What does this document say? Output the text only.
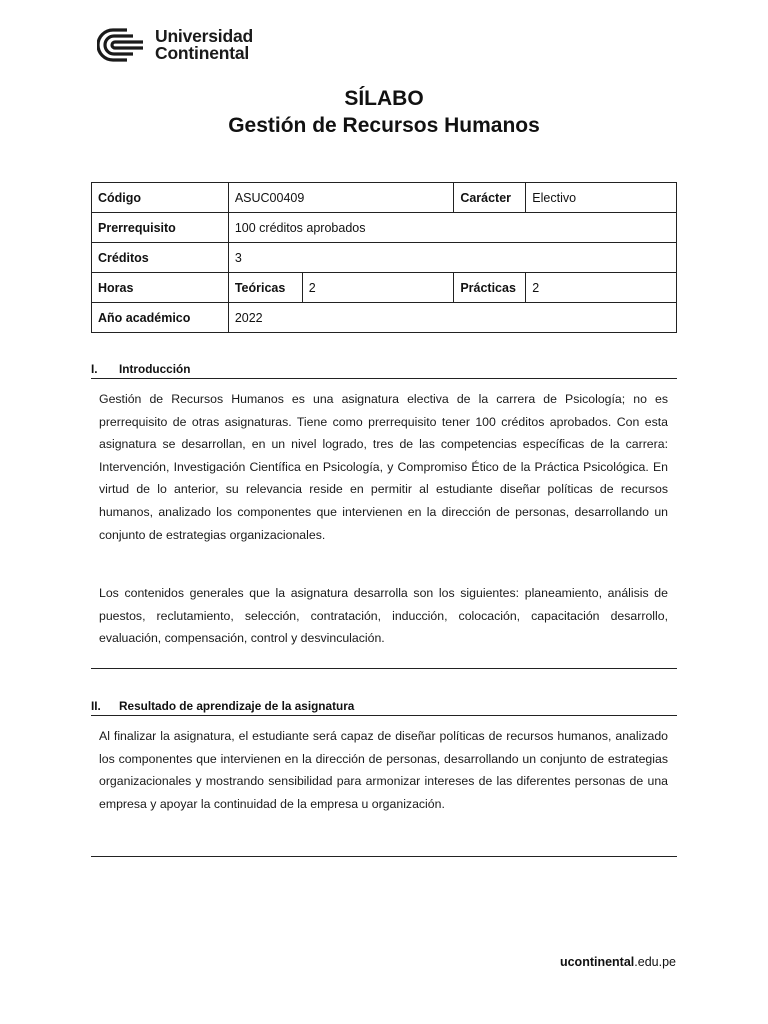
Universidad
Continental
SÍLABO
Gestión de Recursos Humanos
Código	ASUC00409		Carácter	Electivo
Prerrequisito	100 créditos aprobados			
Créditos	3			
Horas	Teóricas	2	Prácticas	2
Año académico	2022			
I. Introducción
Gestión de Recursos Humanos es una asignatura electiva de la carrera de Psicología; no es prerrequisito de otras asignaturas. Tiene como prerrequisito tener 100 créditos aprobados. Con esta asignatura se desarrollan, en un nivel logrado, tres de las competencias específicas de la carrera: Intervención, Investigación Científica en Psicología, y Compromiso Ético de la Práctica Psicológica. En virtud de lo anterior, su relevancia reside en permitir al estudiante diseñar políticas de recursos humanos, analizado los componentes que intervienen en la dirección de personas, desarrollando un conjunto de estrategias organizacionales.
Los contenidos generales que la asignatura desarrolla son los siguientes: planeamiento, análisis de puestos, reclutamiento, selección, contratación, inducción, colocación, capacitación desarrollo, evaluación, compensación, control y desvinculación.
II. Resultado de aprendizaje de la asignatura
Al finalizar la asignatura, el estudiante será capaz de diseñar políticas de recursos humanos, analizado los componentes que intervienen en la dirección de personas, desarrollando un conjunto de estrategias organizacionales y mostrando sensibilidad para armonizar intereses de las diferentes personas de una empresa y apoyar la continuidad de la empresa u organización.
ucontinental.edu.pe
